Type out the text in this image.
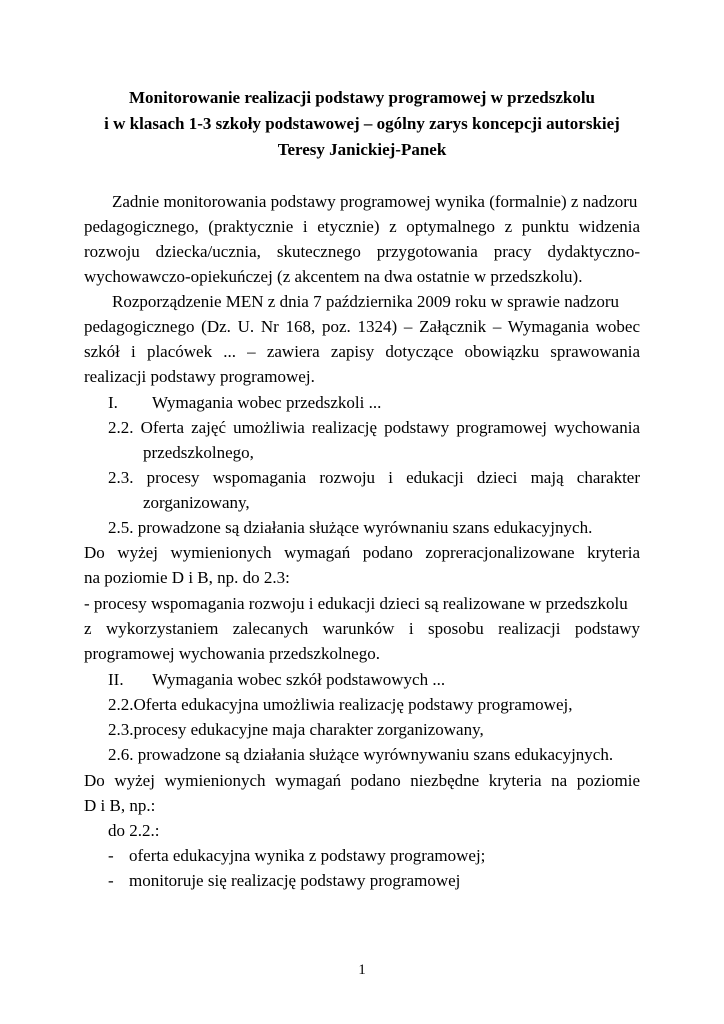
Monitorowanie realizacji podstawy programowej w przedszkolu
i w klasach 1-3 szkoły podstawowej – ogólny zarys koncepcji autorskiej
Teresy Janickiej-Panek
Zadnie monitorowania podstawy programowej wynika (formalnie) z nadzoru
pedagogicznego, (praktycznie i etycznie) z optymalnego z punktu widzenia
rozwoju dziecka/ucznia, skutecznego przygotowania pracy dydaktyczno-
wychowawczo-opiekuńczej (z akcentem na dwa ostatnie w przedszkolu).
Rozporządzenie MEN z dnia 7 października 2009 roku w sprawie nadzoru
pedagogicznego (Dz. U. Nr 168, poz. 1324) – Załącznik – Wymagania wobec
szkół i placówek ... – zawiera zapisy dotyczące obowiązku sprawowania
realizacji podstawy programowej.
I. Wymagania wobec przedszkoli ...
2.2. Oferta zajęć umożliwia realizację podstawy programowej wychowania
przedszkolnego,
2.3. procesy wspomagania rozwoju i edukacji dzieci mają charakter
zorganizowany,
2.5. prowadzone są działania służące wyrównaniu szans edukacyjnych.
Do wyżej wymienionych wymagań podano zopreracjonalizowane kryteria
na poziomie D i B, np. do 2.3:
- procesy wspomagania rozwoju i edukacji dzieci są realizowane w przedszkolu
z wykorzystaniem zalecanych warunków i sposobu realizacji podstawy
programowej wychowania przedszkolnego.
II. Wymagania wobec szkół podstawowych ...
2.2.Oferta edukacyjna umożliwia realizację podstawy programowej,
2.3.procesy edukacyjne maja charakter zorganizowany,
2.6. prowadzone są działania służące wyrównywaniu szans edukacyjnych.
Do wyżej wymienionych wymagań podano niezbędne kryteria na poziomie
D i B, np.:
do 2.2.:
- oferta edukacyjna wynika z podstawy programowej;
- monitoruje się realizację podstawy programowej
1
